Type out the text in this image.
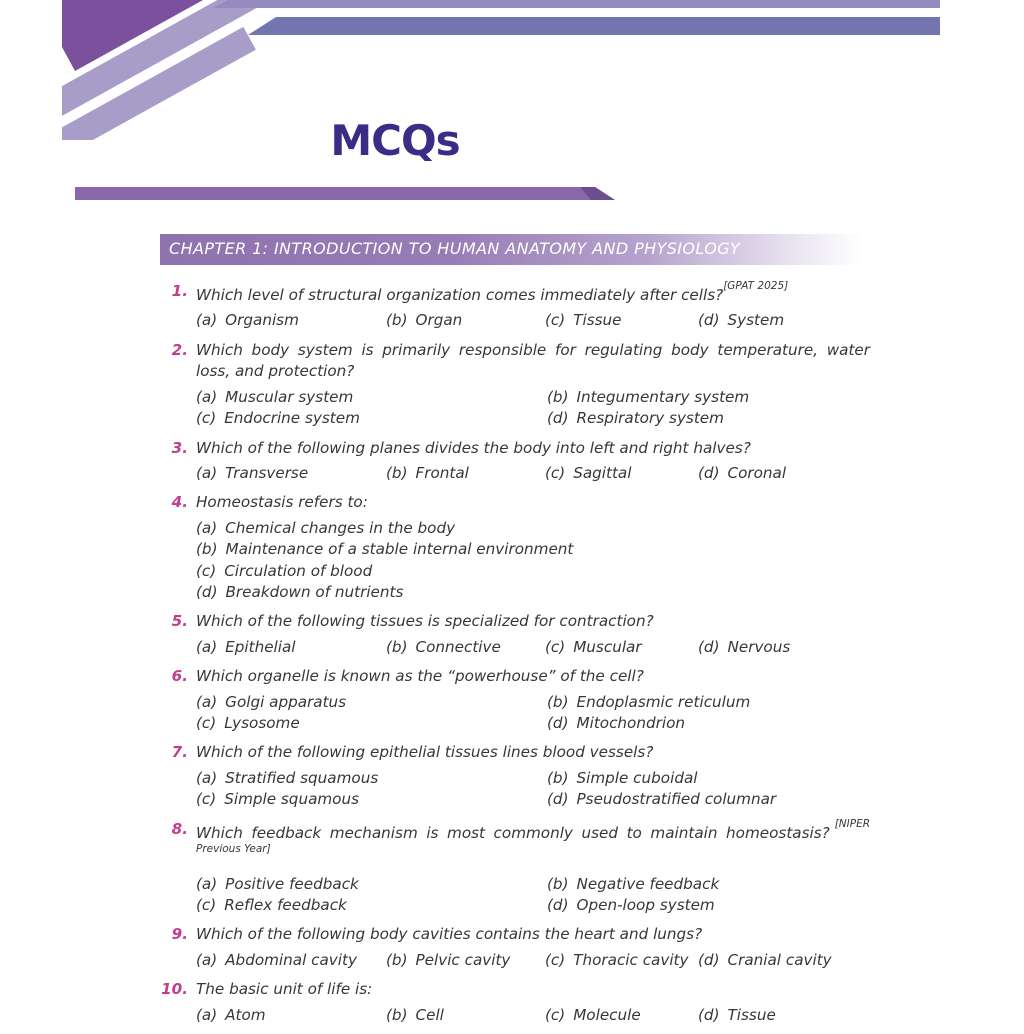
MCQs
CHAPTER 1: INTRODUCTION TO HUMAN ANATOMY AND PHYSIOLOGY
1. Which level of structural organization comes immediately after cells?[GPAT 2025]

(a) Organism	(b) Organ	(c) Tissue	(d) System
2. Which body system is primarily responsible for regulating body temperature, water loss, and protection?

(a) Muscular system	(b) Integumentary system
(c) Endocrine system	(d) Respiratory system
3. Which of the following planes divides the body into left and right halves?

(a) Transverse	(b) Frontal	(c) Sagittal	(d) Coronal
4. Homeostasis refers to:

(a) Chemical changes in the body
(b) Maintenance of a stable internal environment
(c) Circulation of blood
(d) Breakdown of nutrients
5. Which of the following tissues is specialized for contraction?

(a) Epithelial	(b) Connective	(c) Muscular	(d) Nervous
6. Which organelle is known as the “powerhouse” of the cell?

(a) Golgi apparatus	(b) Endoplasmic reticulum
(c) Lysosome	(d) Mitochondrion
7. Which of the following epithelial tissues lines blood vessels?

(a) Stratified squamous	(b) Simple cuboidal
(c) Simple squamous	(d) Pseudostratified columnar
8. Which feedback mechanism is most commonly used to maintain homeostasis?[NIPER Previous Year]

(a) Positive feedback	(b) Negative feedback
(c) Reflex feedback	(d) Open-loop system
9. Which of the following body cavities contains the heart and lungs?

(a) Abdominal cavity	(b) Pelvic cavity	(c) Thoracic cavity (d) Cranial cavity
10. The basic unit of life is:

(a) Atom	(b) Cell	(c) Molecule	(d) Tissue
